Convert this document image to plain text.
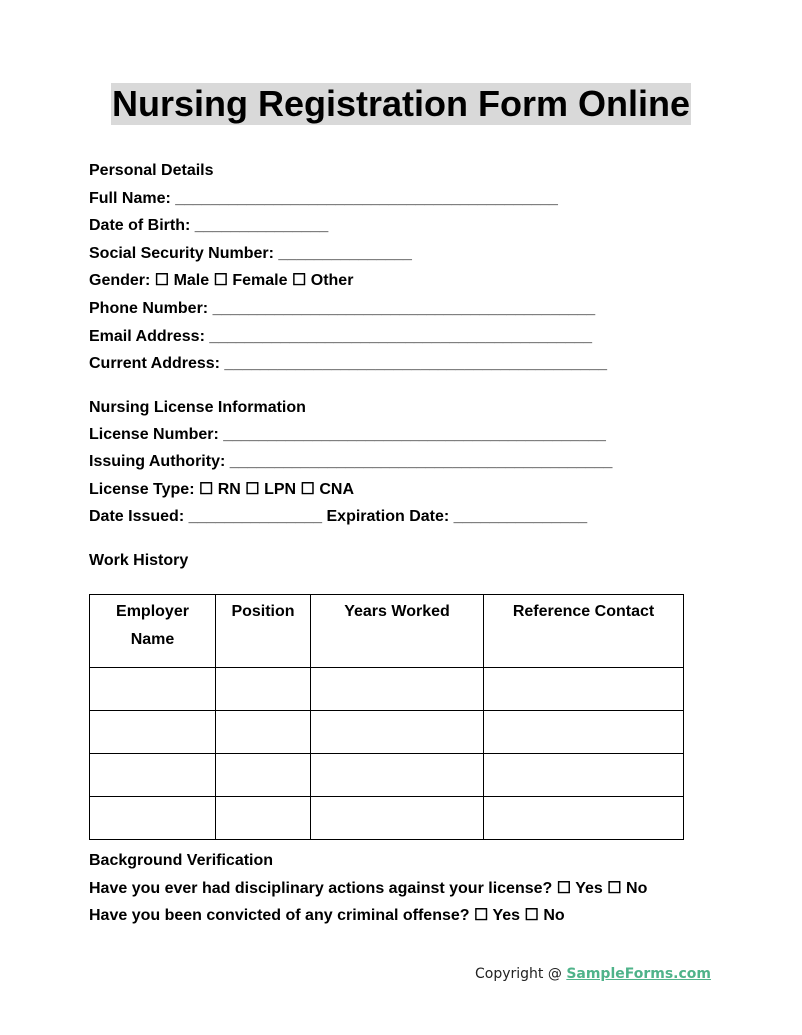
Nursing Registration Form Online
Personal Details
Full Name: ___________________________________________
Date of Birth: _______________
Social Security Number: _______________
Gender: ☐ Male ☐ Female ☐ Other
Phone Number: ___________________________________________
Email Address: ___________________________________________
Current Address: ___________________________________________
Nursing License Information
License Number: ___________________________________________
Issuing Authority: ___________________________________________
License Type: ☐ RN ☐ LPN ☐ CNA
Date Issued: _______________ Expiration Date: _______________
Work History
Background Verification
Have you ever had disciplinary actions against your license? ☐ Yes ☐ No
Have you been convicted of any criminal offense? ☐ Yes ☐ No
Employer Name	Position	Years Worked	Reference Contact

Copyright @ SampleForms.com
